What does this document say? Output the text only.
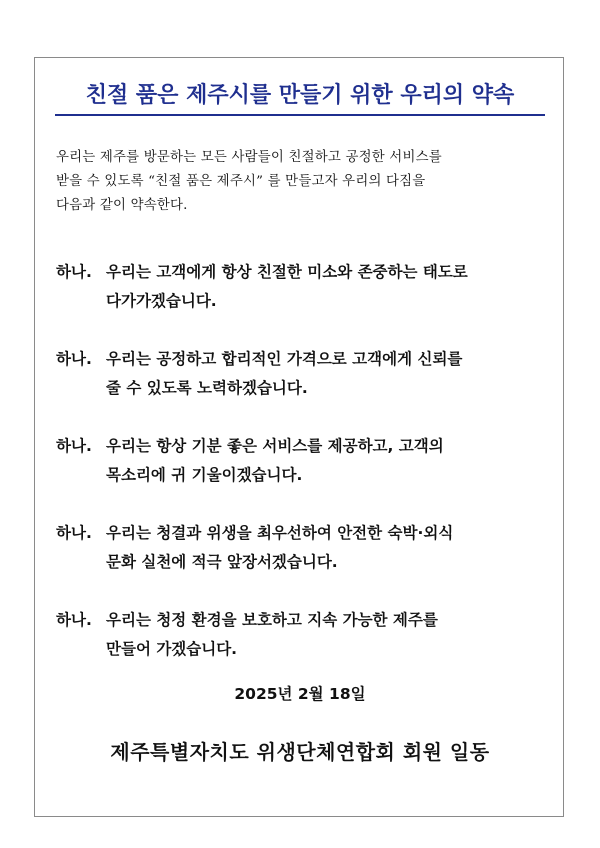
친절 품은 제주시를 만들기 위한 우리의 약속
우리는 제주를 방문하는 모든 사람들이 친절하고 공정한 서비스를
받을 수 있도록 “친절 품은 제주시” 를 만들고자 우리의 다짐을
다음과 같이 약속한다.
하나. 우리는 고객에게 항상 친절한 미소와 존중하는 태도로
다가가겠습니다.
하나. 우리는 공정하고 합리적인 가격으로 고객에게 신뢰를
줄 수 있도록 노력하겠습니다.
하나. 우리는 항상 기분 좋은 서비스를 제공하고, 고객의
목소리에 귀 기울이겠습니다.
하나. 우리는 청결과 위생을 최우선하여 안전한 숙박·외식
문화 실천에 적극 앞장서겠습니다.
하나. 우리는 청정 환경을 보호하고 지속 가능한 제주를
만들어 가겠습니다.
2025년 2월 18일
제주특별자치도 위생단체연합회 회원 일동
